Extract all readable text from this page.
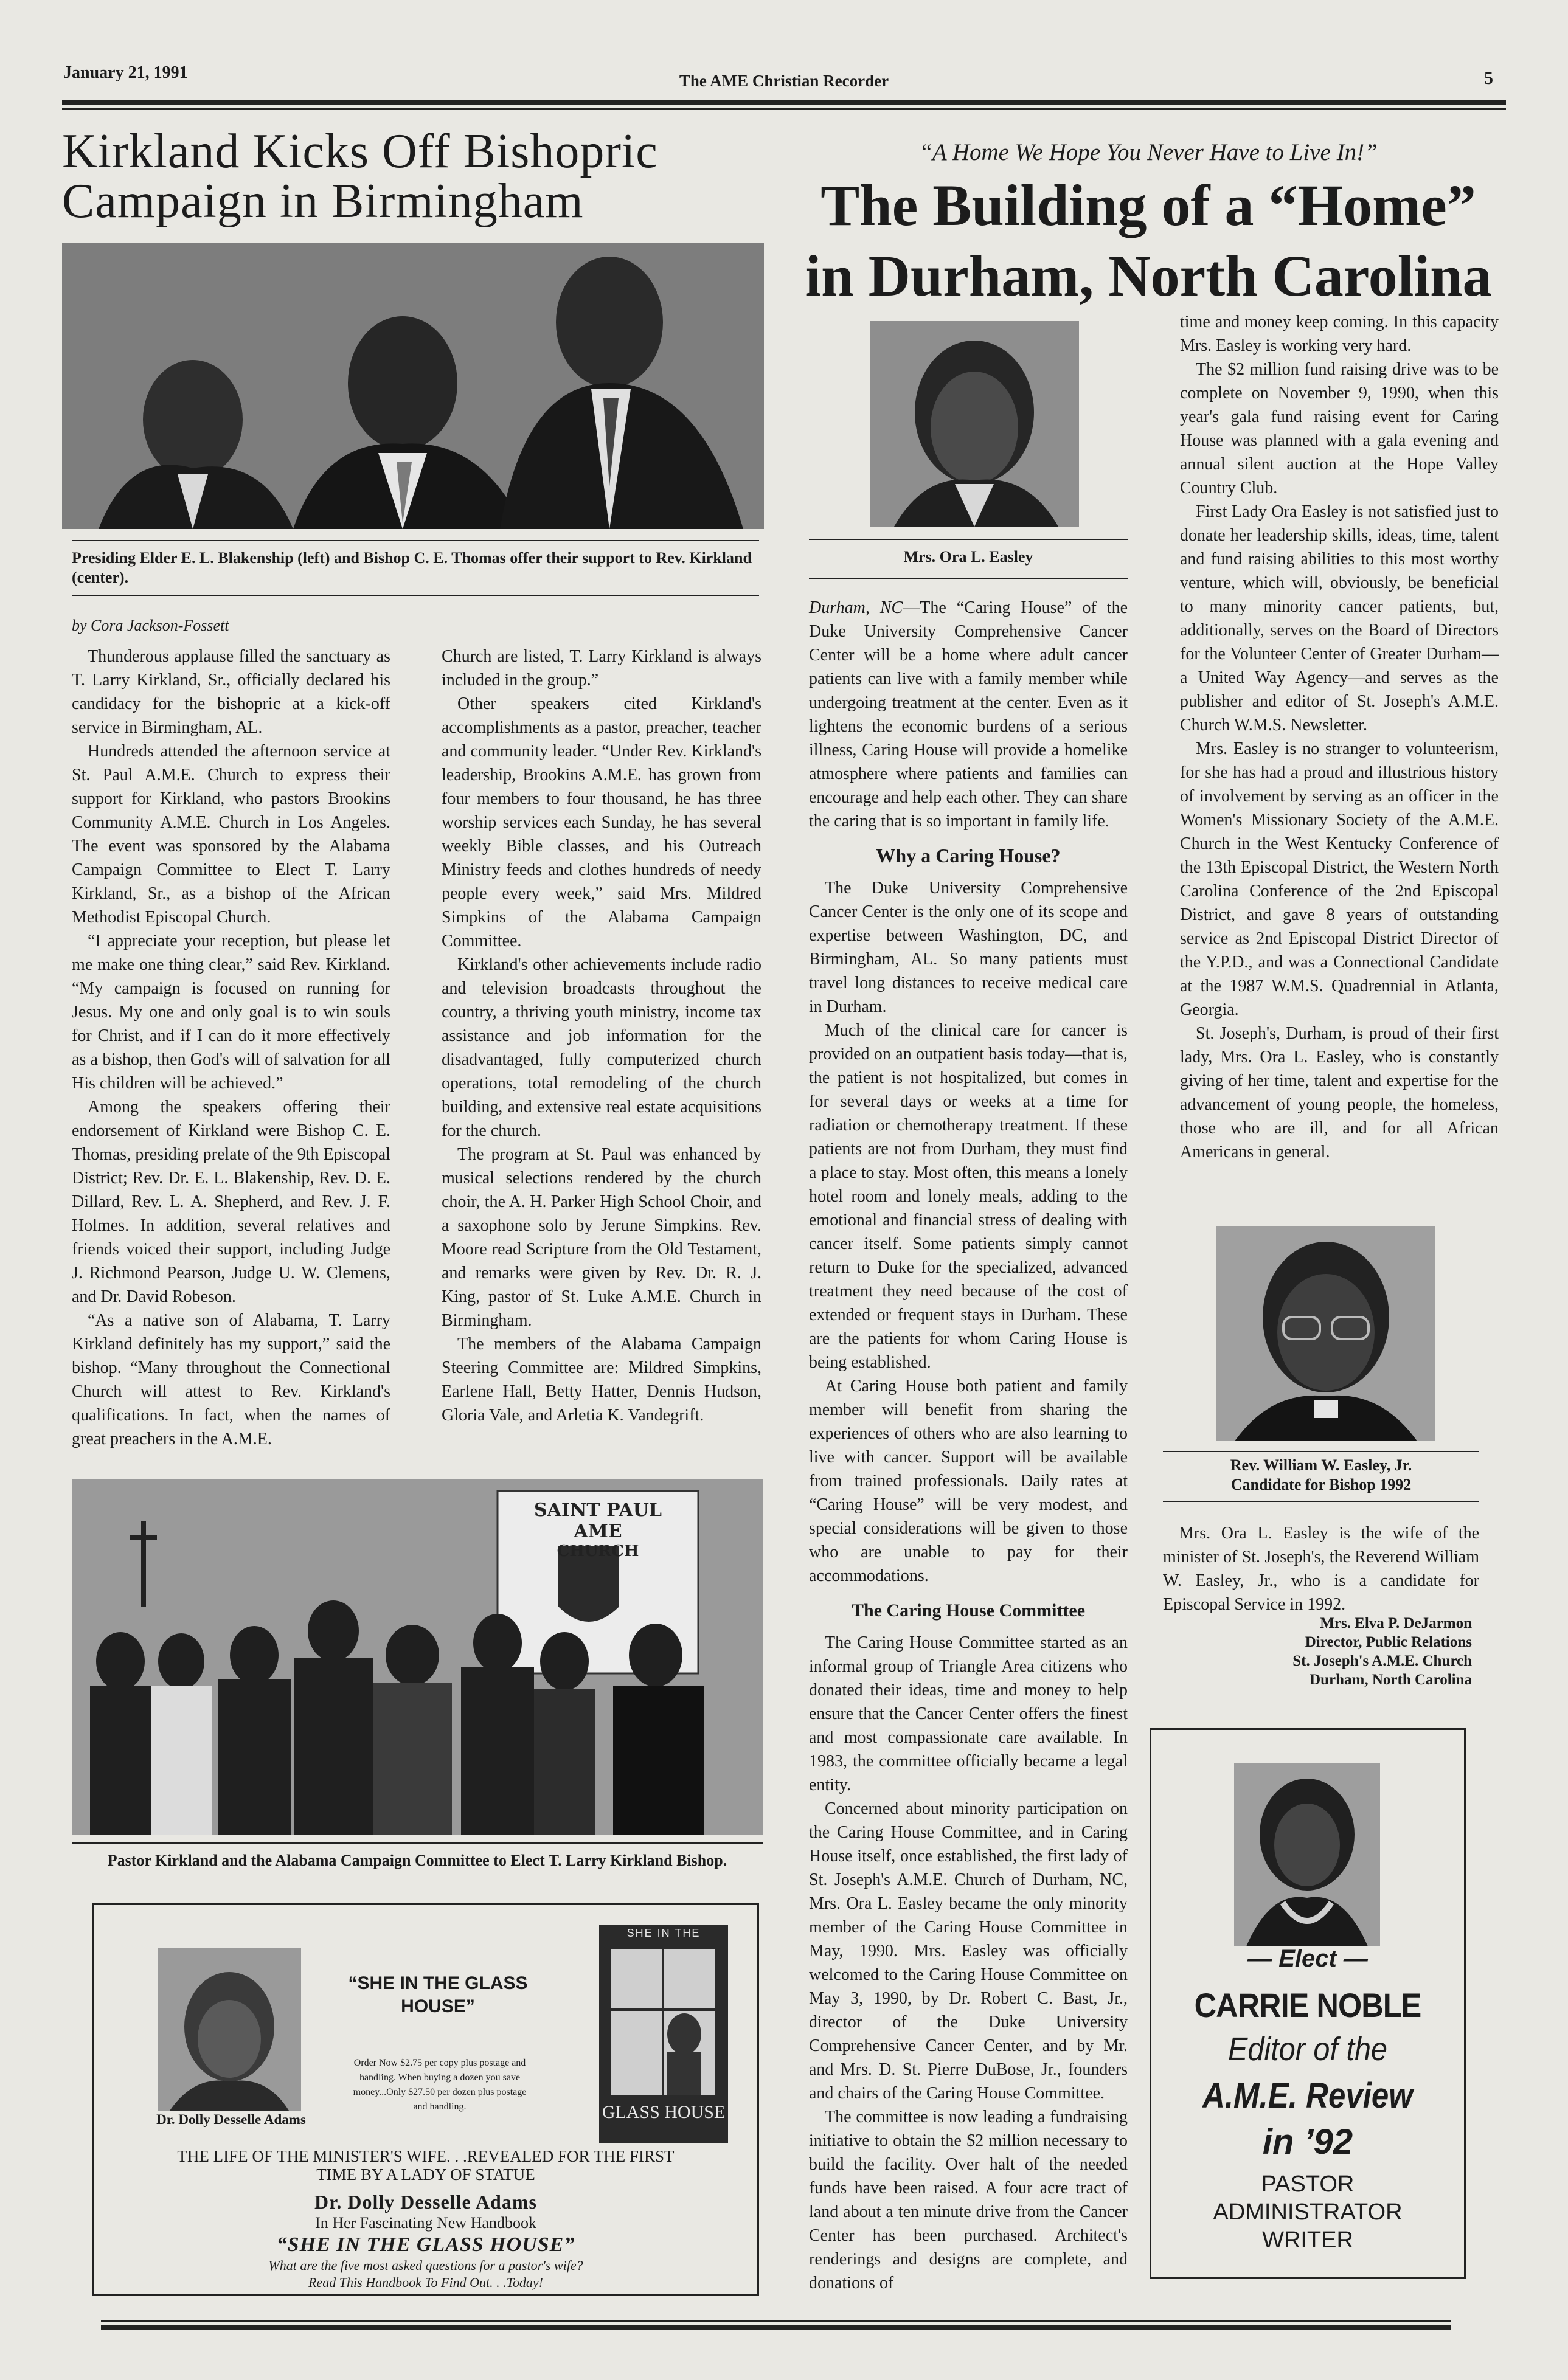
January 21, 1991	The AME Christian Recorder	5
Kirkland Kicks Off Bishopric
Campaign in Birmingham
Presiding Elder E. L. Blakenship (left) and Bishop C. E. Thomas offer their support to Rev. Kirkland (center).
by Cora Jackson-Fossett

Thunderous applause filled the sanctuary as T. Larry Kirkland, Sr., officially declared his candidacy for the bishopric at a kick-off service in Birmingham, AL.

Hundreds attended the afternoon service at St. Paul A.M.E. Church to express their support for Kirkland, who pastors Brookins Community A.M.E. Church in Los Angeles. The event was sponsored by the Alabama Campaign Committee to Elect T. Larry Kirkland, Sr., as a bishop of the African Methodist Episcopal Church.

“I appreciate your reception, but please let me make one thing clear,” said Rev. Kirkland. “My campaign is focused on running for Jesus. My one and only goal is to win souls for Christ, and if I can do it more effectively as a bishop, then God's will of salvation for all His children will be achieved.”

Among the speakers offering their endorsement of Kirkland were Bishop C. E. Thomas, presiding prelate of the 9th Episcopal District; Rev. Dr. E. L. Blakenship, Rev. D. E. Dillard, Rev. L. A. Shepherd, and Rev. J. F. Holmes. In addition, several relatives and friends voiced their support, including Judge J. Richmond Pearson, Judge U. W. Clemens, and Dr. David Robeson.

“As a native son of Alabama, T. Larry Kirkland definitely has my support,” said the bishop. “Many throughout the Connectional Church will attest to Rev. Kirkland's qualifications. In fact, when the names of great preachers in the A.M.E.

Church are listed, T. Larry Kirkland is always included in the group.”

Other speakers cited Kirkland's accomplishments as a pastor, preacher, teacher and community leader. “Under Rev. Kirkland's leadership, Brookins A.M.E. has grown from four members to four thousand, he has three worship services each Sunday, he has several weekly Bible classes, and his Outreach Ministry feeds and clothes hundreds of needy people every week,” said Mrs. Mildred Simpkins of the Alabama Campaign Committee.

Kirkland's other achievements include radio and television broadcasts throughout the country, a thriving youth ministry, income tax assistance and job information for the disadvantaged, fully computerized church operations, total remodeling of the church building, and extensive real estate acquisitions for the church.

The program at St. Paul was enhanced by musical selections rendered by the church choir, the A. H. Parker High School Choir, and a saxophone solo by Jerune Simpkins. Rev. Moore read Scripture from the Old Testament, and remarks were given by Rev. Dr. R. J. King, pastor of St. Luke A.M.E. Church in Birmingham.

The members of the Alabama Campaign Steering Committee are: Mildred Simpkins, Earlene Hall, Betty Hatter, Dennis Hudson, Gloria Vale, and Arletia K. Vandegrift.

SAINT PAUL AME
CHURCH
Pastor Kirkland and the Alabama Campaign Committee to Elect T. Larry Kirkland Bishop.
Dr. Dolly Desselle Adams
“SHE IN THE GLASS HOUSE”
Order Now $2.75 per copy plus postage and handling. When buying a dozen you save money...Only $27.50 per dozen plus postage and handling.
SHE IN THE
GLASS HOUSE
THE LIFE OF THE MINISTER'S WIFE. . .REVEALED FOR THE FIRST TIME BY A LADY OF STATUE
Dr. Dolly Desselle Adams
In Her Fascinating New Handbook
“SHE IN THE GLASS HOUSE”
What are the five most asked questions for a pastor's wife?
Read This Handbook To Find Out. . .Today!
“A Home We Hope You Never Have to Live In!”
The Building of a “Home”
in Durham, North Carolina
Mrs. Ora L. Easley

Durham, NC—The “Caring House” of the Duke University Comprehensive Cancer Center will be a home where adult cancer patients can live with a family member while undergoing treatment at the center. Even as it lightens the economic burdens of a serious illness, Caring House will provide a homelike atmosphere where patients and families can encourage and help each other. They can share the caring that is so important in family life.

Why a Caring House?

The Duke University Comprehensive Cancer Center is the only one of its scope and expertise between Washington, DC, and Birmingham, AL. So many patients must travel long distances to receive medical care in Durham.

Much of the clinical care for cancer is provided on an outpatient basis today—that is, the patient is not hospitalized, but comes in for several days or weeks at a time for radiation or chemotherapy treatment. If these patients are not from Durham, they must find a place to stay. Most often, this means a lonely hotel room and lonely meals, adding to the emotional and financial stress of dealing with cancer itself. Some patients simply cannot return to Duke for the specialized, advanced treatment they need because of the cost of extended or frequent stays in Durham. These are the patients for whom Caring House is being established.

At Caring House both patient and family member will benefit from sharing the experiences of others who are also learning to live with cancer. Support will be available from trained professionals. Daily rates at “Caring House” will be very modest, and special considerations will be given to those who are unable to pay for their accommodations.

The Caring House Committee

The Caring House Committee started as an informal group of Triangle Area citizens who donated their ideas, time and money to help ensure that the Cancer Center offers the finest and most compassionate care available. In 1983, the committee officially became a legal entity.

Concerned about minority participation on the Caring House Committee, and in Caring House itself, once established, the first lady of St. Joseph's A.M.E. Church of Durham, NC, Mrs. Ora L. Easley became the only minority member of the Caring House Committee in May, 1990. Mrs. Easley was officially welcomed to the Caring House Committee on May 3, 1990, by Dr. Robert C. Bast, Jr., director of the Duke University Comprehensive Cancer Center, and by Mr. and Mrs. D. St. Pierre DuBose, Jr., founders and chairs of the Caring House Committee.

The committee is now leading a fundraising initiative to obtain the $2 million necessary to build the facility. Over halt of the needed funds have been raised. A four acre tract of land about a ten minute drive from the Cancer Center has been purchased. Architect's renderings and designs are complete, and donations of

time and money keep coming. In this capacity Mrs. Easley is working very hard.

The $2 million fund raising drive was to be complete on November 9, 1990, when this year's gala fund raising event for Caring House was planned with a gala evening and annual silent auction at the Hope Valley Country Club.

First Lady Ora Easley is not satisfied just to donate her leadership skills, ideas, time, talent and fund raising abilities to this most worthy venture, which will, obviously, be beneficial to many minority cancer patients, but, additionally, serves on the Board of Directors for the Volunteer Center of Greater Durham—a United Way Agency—and serves as the publisher and editor of St. Joseph's A.M.E. Church W.M.S. Newsletter.

Mrs. Easley is no stranger to volunteerism, for she has had a proud and illustrious history of involvement by serving as an officer in the Women's Missionary Society of the A.M.E. Church in the West Kentucky Conference of the 13th Episcopal District, the Western North Carolina Conference of the 2nd Episcopal District, and gave 8 years of outstanding service as 2nd Episcopal District Director of the Y.P.D., and was a Connectional Candidate at the 1987 W.M.S. Quadrennial in Atlanta, Georgia.

St. Joseph's, Durham, is proud of their first lady, Mrs. Ora L. Easley, who is constantly giving of her time, talent and expertise for the advancement of young people, the homeless, those who are ill, and for all African Americans in general.

Rev. William W. Easley, Jr.
Candidate for Bishop 1992

Mrs. Ora L. Easley is the wife of the minister of St. Joseph's, the Reverend William W. Easley, Jr., who is a candidate for Episcopal Service in 1992.

Mrs. Elva P. DeJarmon
Director, Public Relations
St. Joseph's A.M.E. Church
Durham, North Carolina
— Elect —
CARRIE NOBLE
Editor of the
A.M.E. Review
in ’92
PASTOR
ADMINISTRATOR
WRITER
